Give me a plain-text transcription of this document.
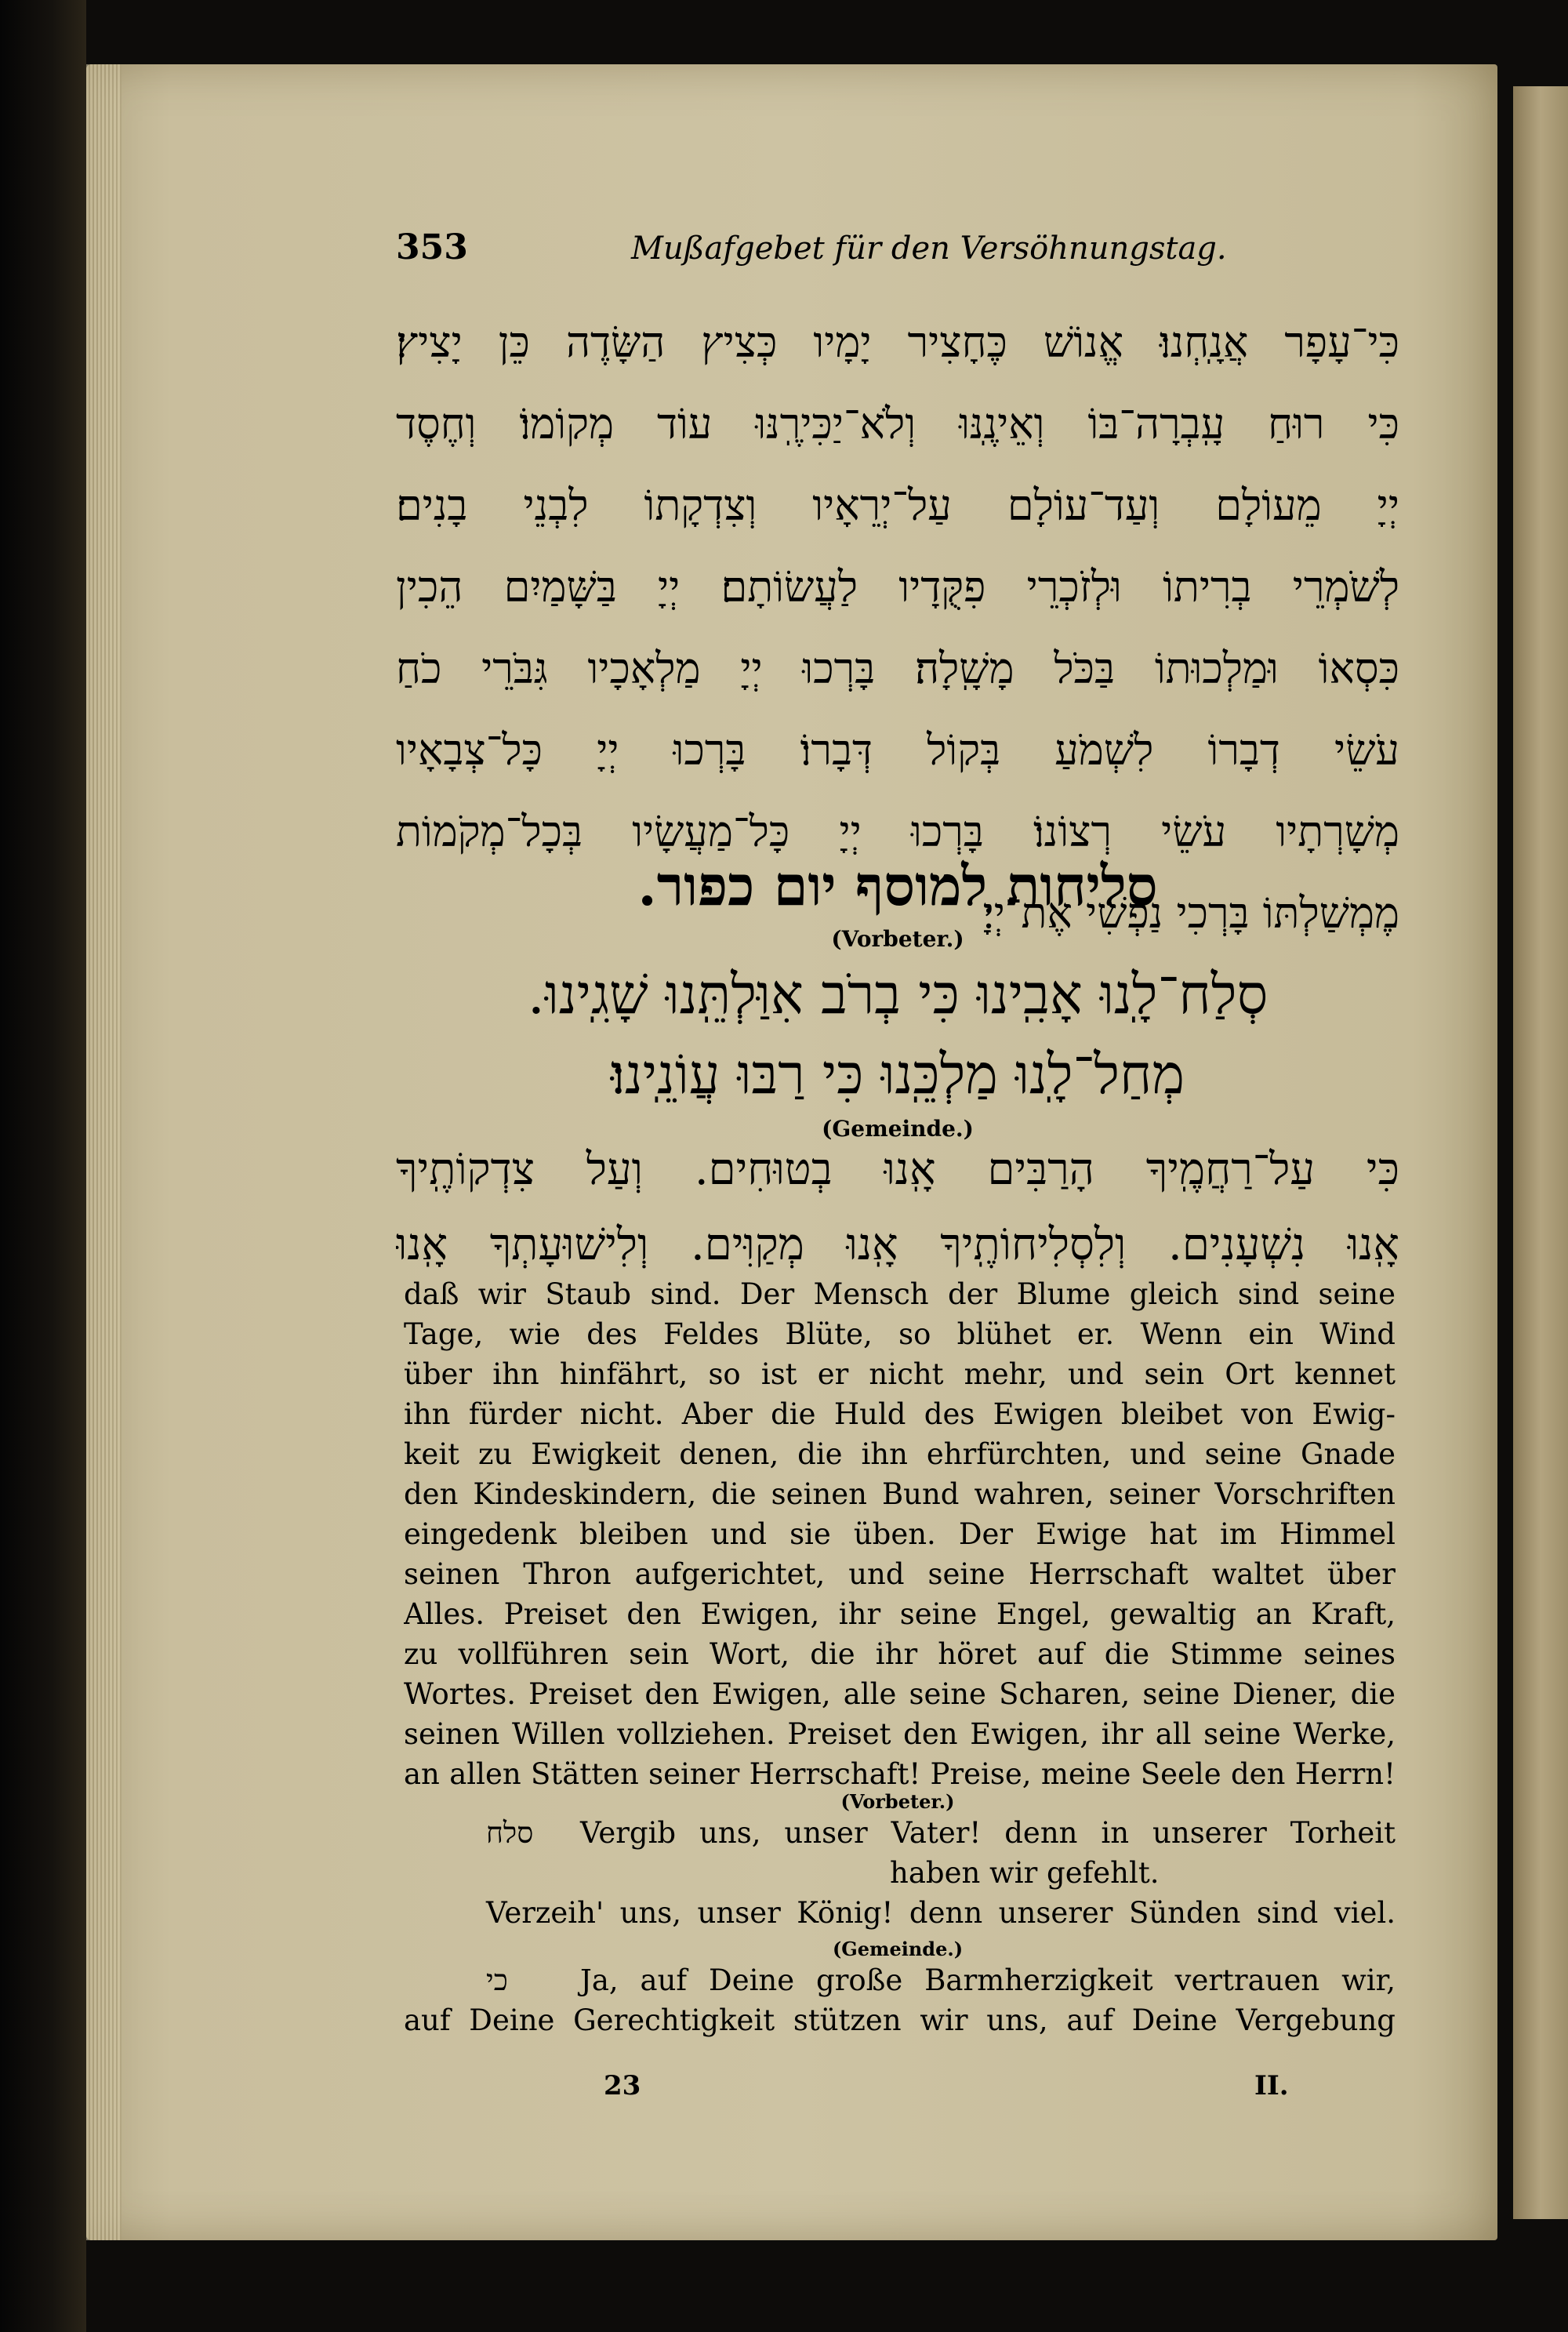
353	Mußafgebet für den Versöhnungstag.
כִּי־עָפָר אֲנָֽחְנוּ׃ אֱנוֹשׁ כֶּחָצִיר יָמָיו כְּצִיץ הַשָּׂדֶה כֵּן יָצִיץ׃
כִּי רוּחַ עָֽבְרָה־בּוֹ וְאֵינֶֽנּוּ וְלֹא־יַכִּירֶֽנּוּ עוֹד מְקוֹמוֹ׃ וְחֶסֶד
יְיָ מֵעוֹלָם וְעַד־עוֹלָם עַל־יְרֵאָיו וְצִדְקָתוֹ לִבְנֵי בָנִים׃
לְשֹׁמְרֵי בְרִיתוֹ וּלְזֹכְרֵי פִקֻּדָיו לַעֲשׂוֹתָם׃ יְיָ בַּשָּׁמַיִם הֵכִין
כִּסְאוֹ וּמַלְכוּתוֹ בַּכֹּל מָשָֽׁלָה׃ בָּרְכוּ יְיָ מַלְאָכָיו גִּבֹּרֵי כֹחַ
עֹשֵׂי דְבָרוֹ לִשְׁמֹעַ בְּקוֹל דְּבָרוֹ׃ בָּרְכוּ יְיָ כָּל־צְבָאָיו
מְשָׁרְתָיו עֹשֵׂי רְצוֹנוֹ׃ בָּרְכוּ יְיָ כָּל־מַעֲשָׂיו בְּכָל־מְקֹמוֹת
מֶמְשַׁלְתּוֹ בָּרְכִי נַפְשִׁי אֶת־יְיָ׃
סליחות למוסף יום כפור.
(Vorbeter.)
סְלַח־לָֽנוּ אָבִֽינוּ כִּי בְרֹב אִוַּלְתֵּֽנוּ שָׁגִֽינוּ.
מְחַל־לָֽנוּ מַלְכֵּֽנוּ כִּי רַבּוּ עֲוֹנֵֽינוּ׃
(Gemeinde.)
כִּי עַל־רַחֲמֶֽיךָ הָרַבִּים אָֽנוּ בְטוּחִים. וְעַל צִדְקוֹתֶֽיךָ
אָֽנוּ נִשְׁעָנִים. וְלִסְלִיחוֹתֶֽיךָ אָֽנוּ מְקַוִּים. וְלִישׁוּעָתְךָ אָֽנוּ
daß wir Staub sind. Der Mensch der Blume gleich sind seine
Tage, wie des Feldes Blüte, so blühet er. Wenn ein Wind
über ihn hinfährt, so ist er nicht mehr, und sein Ort kennet
ihn fürder nicht. Aber die Huld des Ewigen bleibet von Ewig-
keit zu Ewigkeit denen, die ihn ehrfürchten, und seine Gnade
den Kindeskindern, die seinen Bund wahren, seiner Vorschriften
eingedenk bleiben und sie üben. Der Ewige hat im Himmel
seinen Thron aufgerichtet, und seine Herrschaft waltet über
Alles. Preiset den Ewigen, ihr seine Engel, gewaltig an Kraft,
zu vollführen sein Wort, die ihr höret auf die Stimme seines
Wortes. Preiset den Ewigen, alle seine Scharen, seine Diener, die
seinen Willen vollziehen. Preiset den Ewigen, ihr all seine Werke,
an allen Stätten seiner Herrschaft! Preise, meine Seele den Herrn!
(Vorbeter.)
סלח Vergib uns, unser Vater! denn in unserer Torheit
haben wir gefehlt.
Verzeih' uns, unser König! denn unserer Sünden sind viel.
(Gemeinde.)
כי Ja, auf Deine große Barmherzigkeit vertrauen wir,
auf Deine Gerechtigkeit stützen wir uns, auf Deine Vergebung
23	II.
